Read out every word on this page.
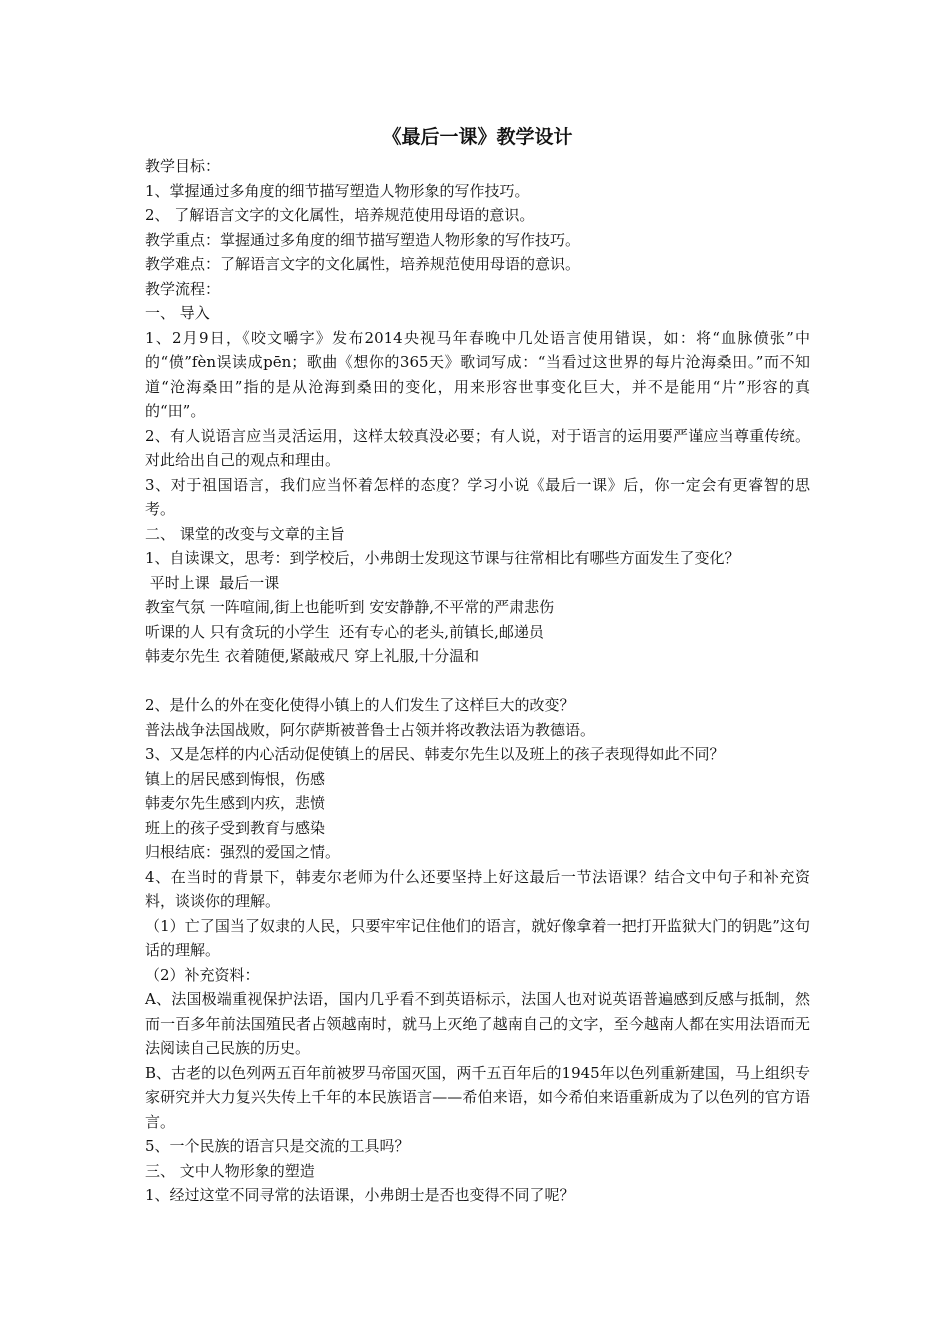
《最后一课》教学设计

教学目标：

1、掌握通过多角度的细节描写塑造人物形象的写作技巧。

2、 了解语言文字的文化属性，培养规范使用母语的意识。

教学重点：掌握通过多角度的细节描写塑造人物形象的写作技巧。

教学难点：了解语言文字的文化属性，培养规范使用母语的意识。

教学流程：

一、 导入

1、2月9日，《咬文嚼字》发布2014央视马年春晚中几处语言使用错误，如：将“血脉偾张”中的“偾”fèn误读成pēn；歌曲《想你的365天》歌词写成：“当看过这世界的每片沧海桑田。”而不知道“沧海桑田”指的是从沧海到桑田的变化，用来形容世事变化巨大，并不是能用“片”形容的真的“田”。

2、有人说语言应当灵活运用，这样太较真没必要；有人说，对于语言的运用要严谨应当尊重传统。对此给出自己的观点和理由。

3、对于祖国语言，我们应当怀着怎样的态度？学习小说《最后一课》后，你一定会有更睿智的思考。

二、 课堂的改变与文章的主旨

1、自读课文，思考：到学校后，小弗朗士发现这节课与往常相比有哪些方面发生了变化？

平时上课  最后一课

教室气氛 一阵喧闹,街上也能听到 安安静静,不平常的严肃悲伤

听课的人 只有贪玩的小学生  还有专心的老头,前镇长,邮递员

韩麦尔先生 衣着随便,紧敲戒尺 穿上礼服,十分温和

2、是什么的外在变化使得小镇上的人们发生了这样巨大的改变？

普法战争法国战败，阿尔萨斯被普鲁士占领并将改教法语为教德语。

3、又是怎样的内心活动促使镇上的居民、韩麦尔先生以及班上的孩子表现得如此不同？

镇上的居民感到悔恨，伤感

韩麦尔先生感到内疚，悲愤

班上的孩子受到教育与感染

归根结底：强烈的爱国之情。

4、在当时的背景下，韩麦尔老师为什么还要坚持上好这最后一节法语课？结合文中句子和补充资料，谈谈你的理解。

（1）亡了国当了奴隶的人民，只要牢牢记住他们的语言，就好像拿着一把打开监狱大门的钥匙”这句话的理解。

（2）补充资料：

A、法国极端重视保护法语，国内几乎看不到英语标示，法国人也对说英语普遍感到反感与抵制，然而一百多年前法国殖民者占领越南时，就马上灭绝了越南自己的文字，至今越南人都在实用法语而无法阅读自己民族的历史。

B、古老的以色列两五百年前被罗马帝国灭国，两千五百年后的1945年以色列重新建国，马上组织专家研究并大力复兴失传上千年的本民族语言——希伯来语，如今希伯来语重新成为了以色列的官方语言。

5、一个民族的语言只是交流的工具吗？

三、 文中人物形象的塑造

1、经过这堂不同寻常的法语课，小弗朗士是否也变得不同了呢？
